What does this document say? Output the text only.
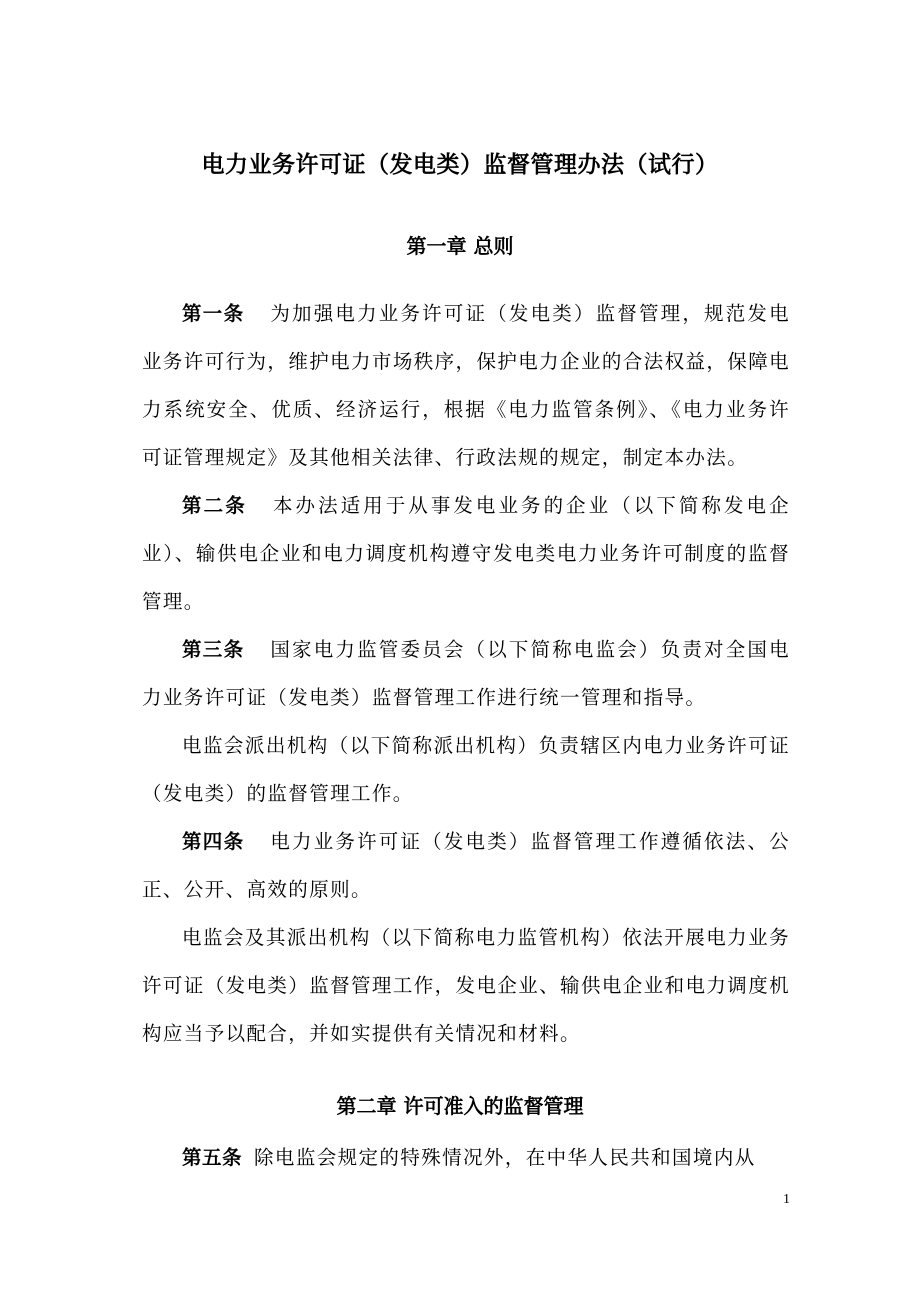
电力业务许可证（发电类）监督管理办法（试行）
第一章 总则

第一条 为加强电力业务许可证（发电类）监督管理，规范发电业务许可行为，维护电力市场秩序，保护电力企业的合法权益，保障电力系统安全、优质、经济运行，根据《电力监管条例》、《电力业务许可证管理规定》及其他相关法律、行政法规的规定，制定本办法。

第二条 本办法适用于从事发电业务的企业（以下简称发电企业）、输供电企业和电力调度机构遵守发电类电力业务许可制度的监督管理。

第三条 国家电力监管委员会（以下简称电监会）负责对全国电力业务许可证（发电类）监督管理工作进行统一管理和指导。

电监会派出机构（以下简称派出机构）负责辖区内电力业务许可证（发电类）的监督管理工作。

第四条 电力业务许可证（发电类）监督管理工作遵循依法、公正、公开、高效的原则。

电监会及其派出机构（以下简称电力监管机构）依法开展电力业务许可证（发电类）监督管理工作，发电企业、输供电企业和电力调度机构应当予以配合，并如实提供有关情况和材料。

第二章 许可准入的监督管理

第五条 除电监会规定的特殊情况外，在中华人民共和国境内从

1
